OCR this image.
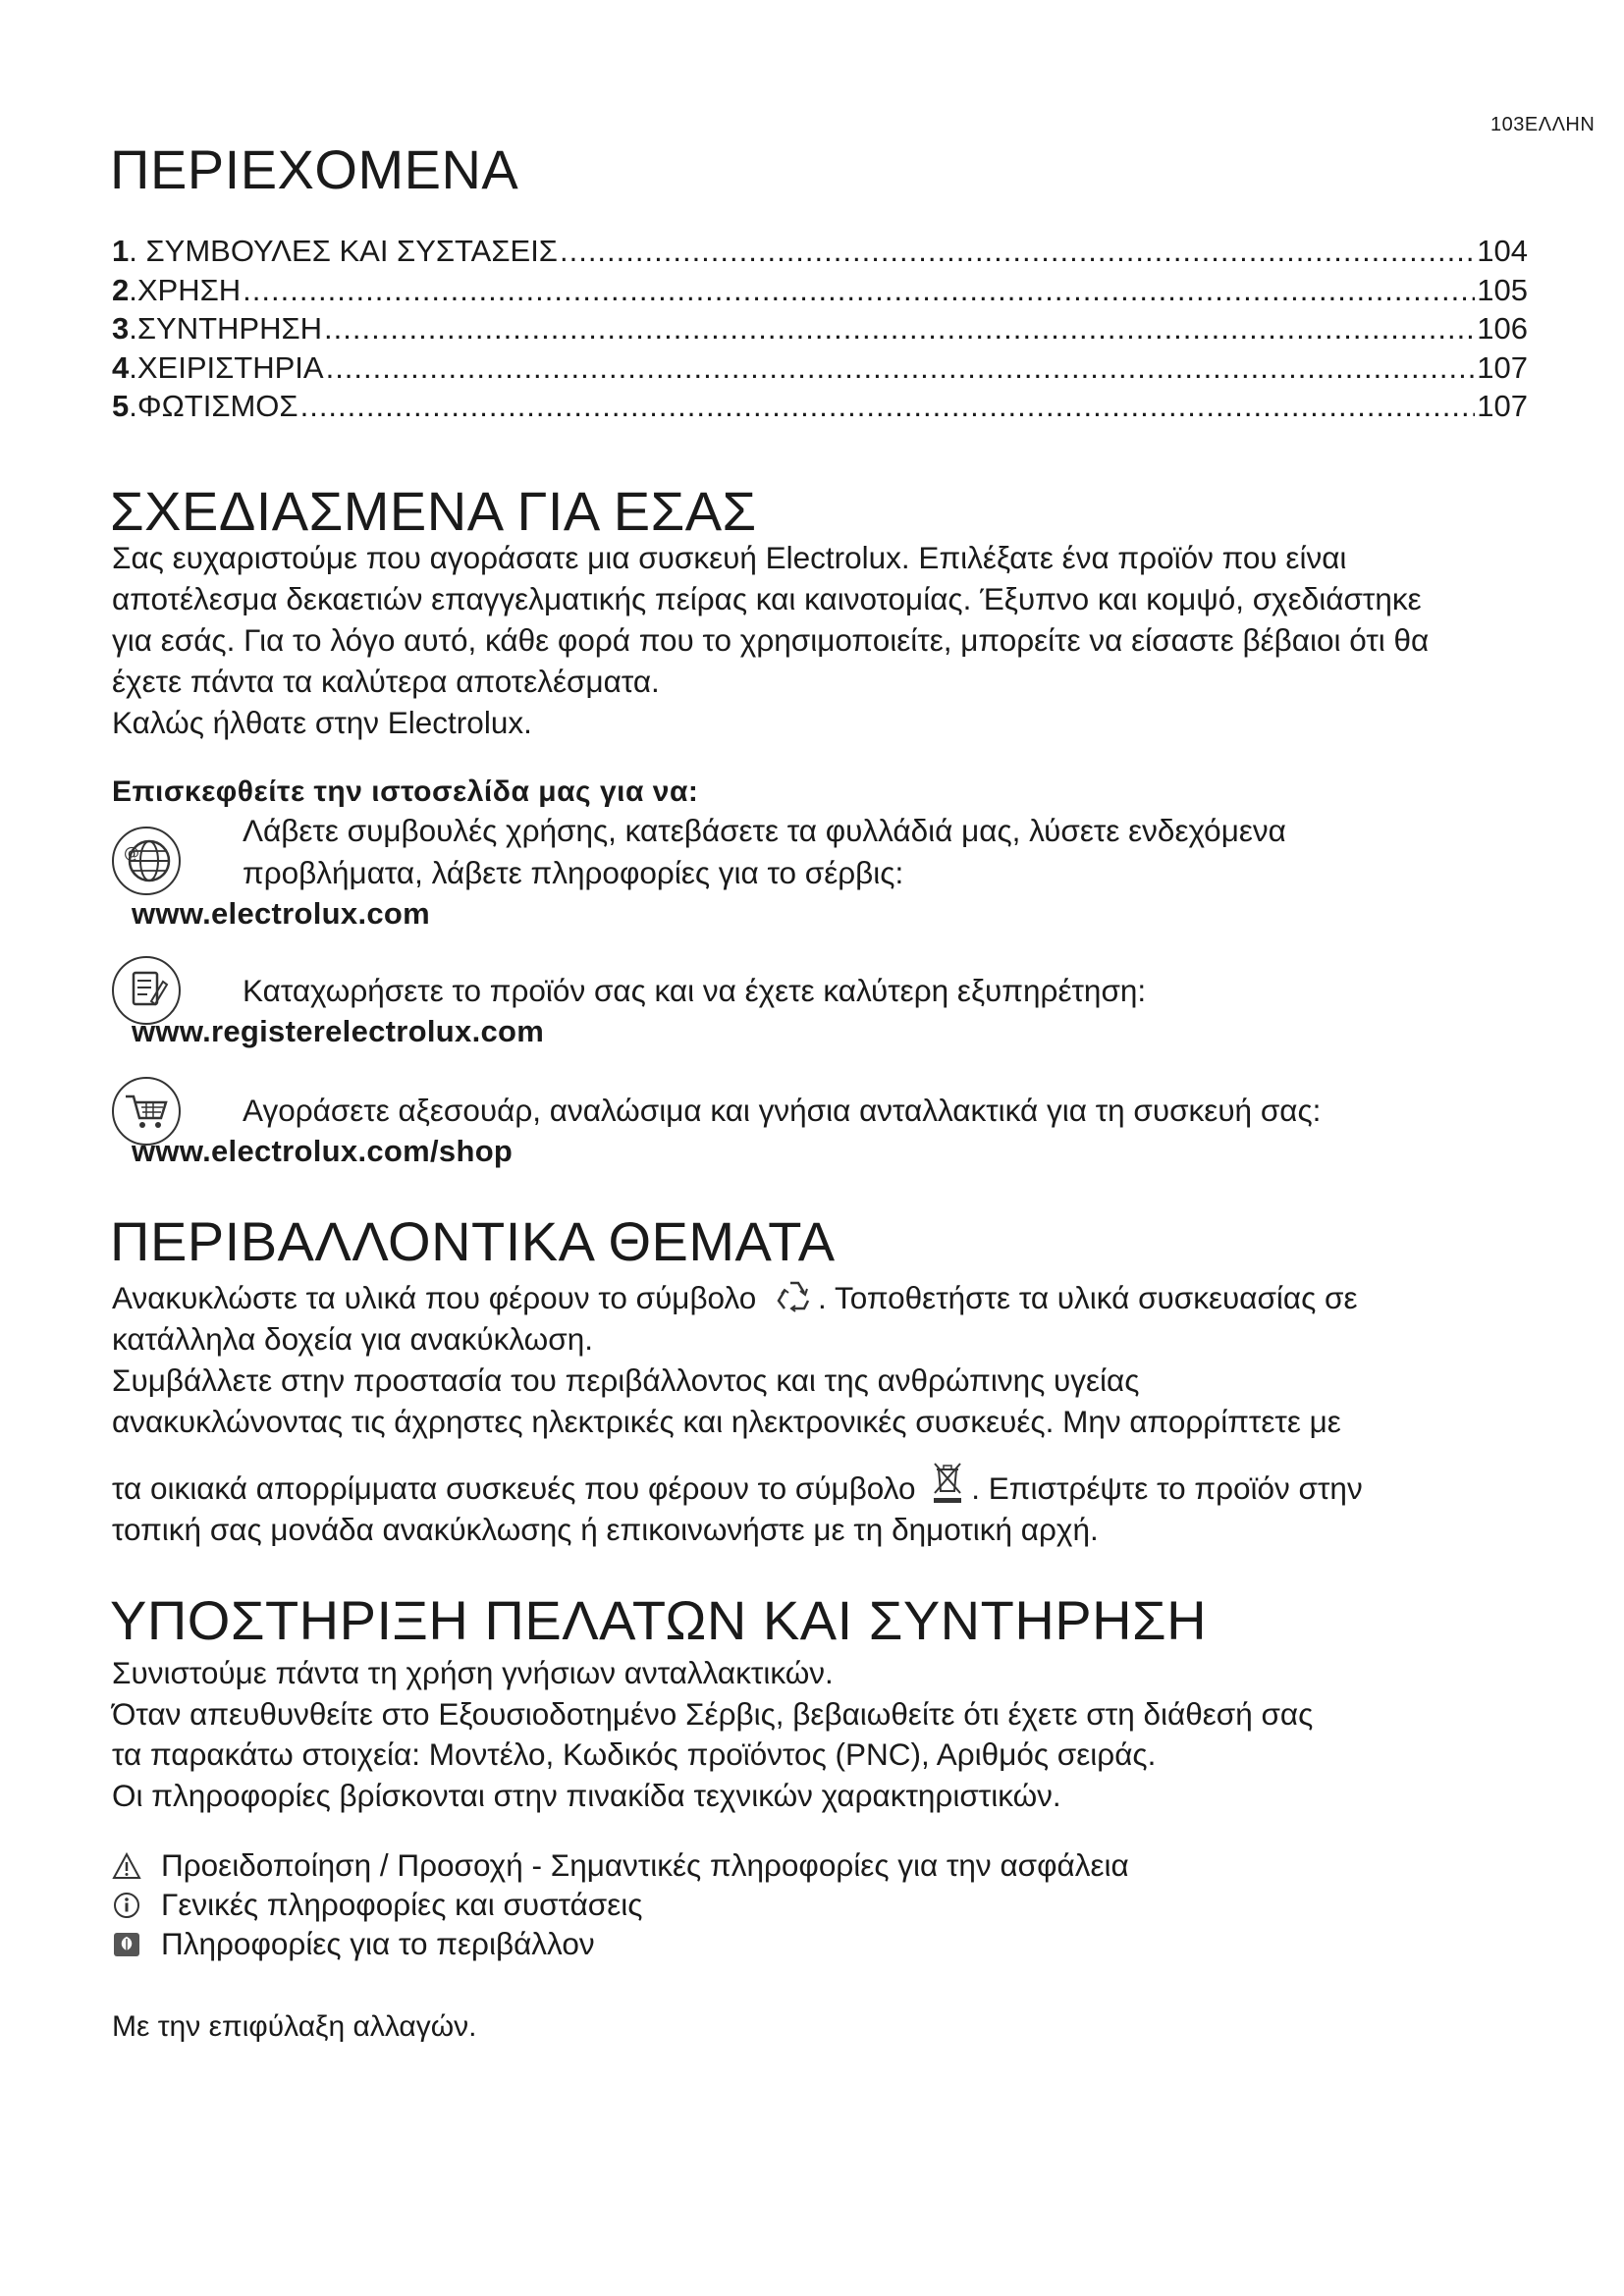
103ΕΛΛΗΝ
ΠΕΡΙΕΧΟΜΕΝΑ
1 . ΣΥΜΒΟΥΛΕΣ ΚΑΙ ΣΥΣΤΑΣΕΙΣ .....	104
2 .ΧΡΗΣΗ .....	105
3 .ΣΥΝΤΗΡΗΣΗ .....	106
4 .ΧΕΙΡΙΣΤΗΡΙΑ .....	107
5 .ΦΩΤΙΣΜΟΣ .....	107
ΣΧΕΔΙΑΣΜΕΝΑ ΓΙΑ ΕΣΑΣ
Σας ευχαριστούμε που αγοράσατε μια συσκευή Electrolux. Επιλέξατε ένα προϊόν που είναι
αποτέλεσμα δεκαετιών επαγγελματικής πείρας και καινοτομίας. Έξυπνο και κομψό, σχεδιάστηκε
για εσάς. Για το λόγο αυτό, κάθε φορά που το χρησιμοποιείτε, μπορείτε να είσαστε βέβαιοι ότι θα
έχετε πάντα τα καλύτερα αποτελέσματα.
Καλώς ήλθατε στην Electrolux.
Επισκεφθείτε την ιστοσελίδα μας για να:
@
Λάβετε συμβουλές χρήσης, κατεβάσετε τα φυλλάδιά μας, λύσετε ενδεχόμενα
προβλήματα, λάβετε πληροφορίες για το σέρβις:
www.electrolux.com
Καταχωρήσετε το προϊόν σας και να έχετε καλύτερη εξυπηρέτηση:
www.registerelectrolux.com
Αγοράσετε αξεσουάρ, αναλώσιμα και γνήσια ανταλλακτικά για τη συσκευή σας:
www.electrolux.com/shop
ΠΕΡΙΒΑΛΛΟΝΤΙΚΑ ΘΕΜΑΤΑ
Ανακυκλώστε τα υλικά που φέρουν το σύμβολο . Τοποθετήστε τα υλικά συσκευασίας σε
κατάλληλα δοχεία για ανακύκλωση.
Συμβάλλετε στην προστασία του περιβάλλοντος και της ανθρώπινης υγείας
ανακυκλώνοντας τις άχρηστες ηλεκτρικές και ηλεκτρονικές συσκευές. Μην απορρίπτετε με
τα οικιακά απορρίμματα συσκευές που φέρουν το σύμβολο . Επιστρέψτε το προϊόν στην
τοπική σας μονάδα ανακύκλωσης ή επικοινωνήστε με τη δημοτική αρχή.
ΥΠΟΣΤΗΡΙΞΗ ΠΕΛΑΤΩΝ ΚΑΙ ΣΥΝΤΗΡΗΣΗ
Συνιστούμε πάντα τη χρήση γνήσιων ανταλλακτικών.
Όταν απευθυνθείτε στο Εξουσιοδοτημένο Σέρβις, βεβαιωθείτε ότι έχετε στη διάθεσή σας
τα παρακάτω στοιχεία: Μοντέλο, Κωδικός προϊόντος (PNC), Αριθμός σειράς.
Οι πληροφορίες βρίσκονται στην πινακίδα τεχνικών χαρακτηριστικών.
Προειδοποίηση / Προσοχή - Σημαντικές πληροφορίες για την ασφάλεια
Γενικές πληροφορίες και συστάσεις
Πληροφορίες για το περιβάλλον
Με την επιφύλαξη αλλαγών.
